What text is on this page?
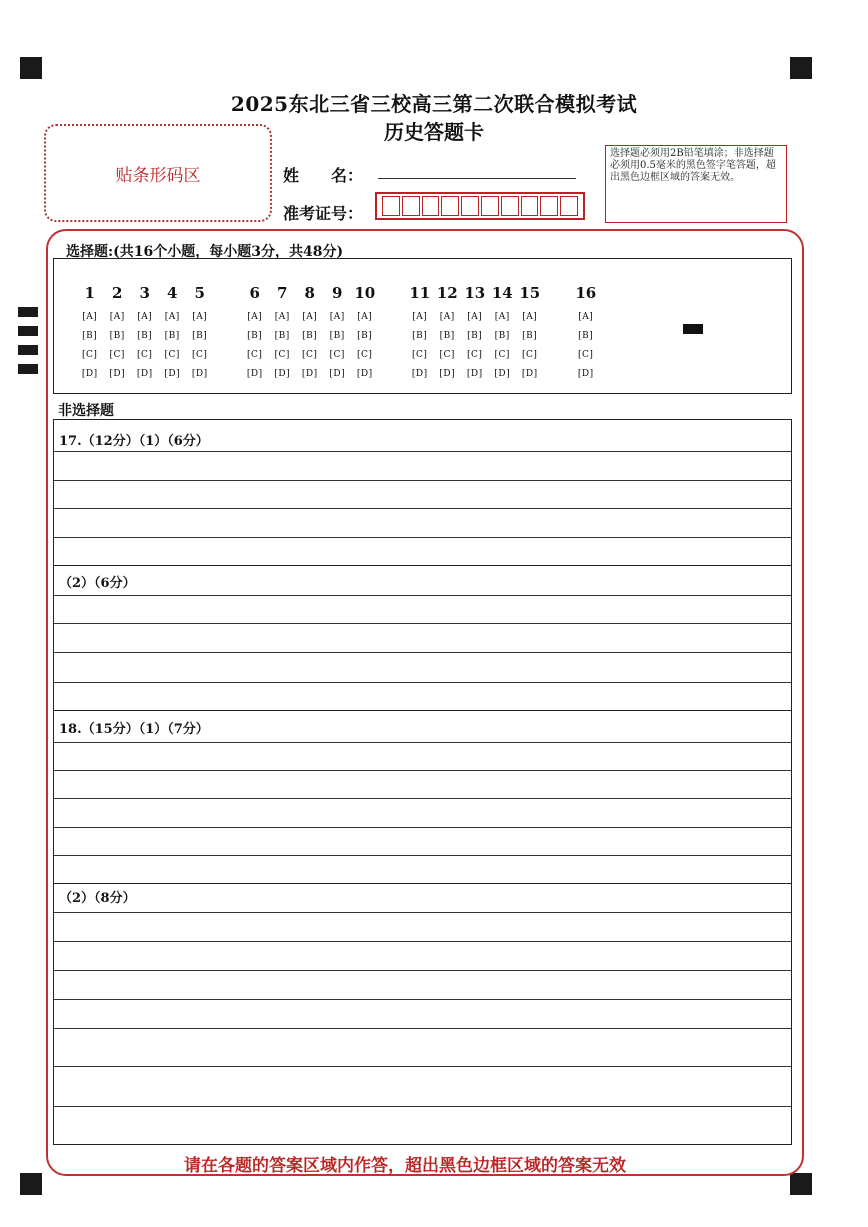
2025东北三省三校高三第二次联合模拟考试
历史答题卡
贴条形码区	姓　　名：
准考证号：
选择题必须用2B铅笔填涂；非选择题必须用0.5毫米的黑色签字笔答题，超出黑色边框区域的答案无效。
选择题:(共16个小题，每小题3分，共48分)
1
[A]
[B]
[C]
[D]
2
[A]
[B]
[C]
[D]
3
[A]
[B]
[C]
[D]
4
[A]
[B]
[C]
[D]
5
[A]
[B]
[C]
[D]
6
[A]
[B]
[C]
[D]
7
[A]
[B]
[C]
[D]
8
[A]
[B]
[C]
[D]
9
[A]
[B]
[C]
[D]
10
[A]
[B]
[C]
[D]
11
[A]
[B]
[C]
[D]
12
[A]
[B]
[C]
[D]
13
[A]
[B]
[C]
[D]
14
[A]
[B]
[C]
[D]
15
[A]
[B]
[C]
[D]
16
[A]
[B]
[C]
[D]
非选择题
17.（12分）（1）（6分）
（2）（6分）
18.（15分）（1）（7分）
（2）（8分）
请在各题的答案区域内作答，超出黑色边框区域的答案无效
